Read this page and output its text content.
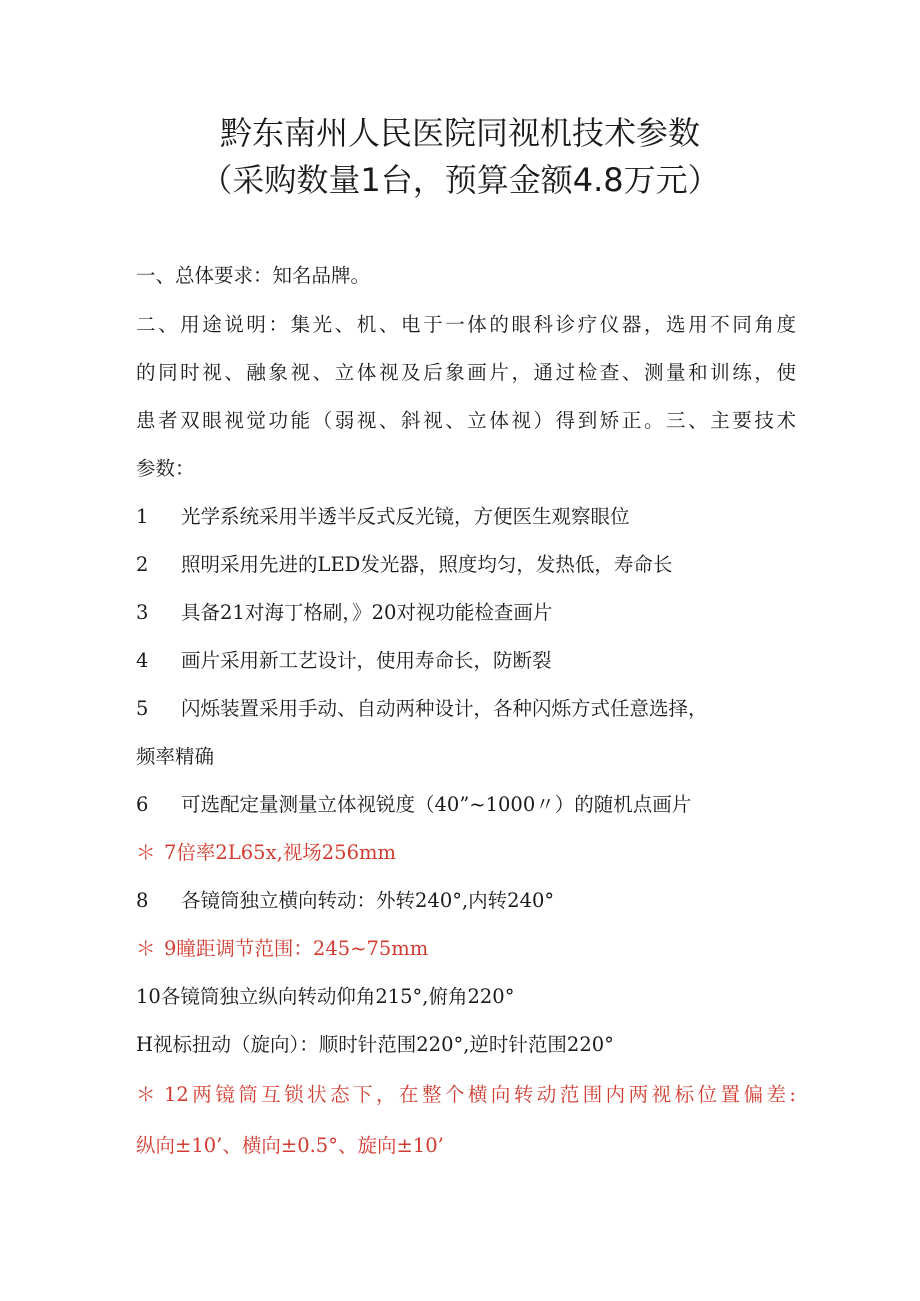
黔东南州人民医院同视机技术参数
（采购数量1台，预算金额4.8万元）

一、总体要求：知名品牌。

二、用途说明：集光、机、电于一体的眼科诊疗仪器，选用不同角度

的同时视、融象视、立体视及后象画片，通过检查、测量和训练，使

患者双眼视觉功能（弱视、斜视、立体视）得到矫正。三、主要技术

参数：

1 光学系统采用半透半反式反光镜，方便医生观察眼位

2 照明采用先进的LED发光器，照度均匀，发热低，寿命长

3 具备21对海丁格刷，》20对视功能检查画片

4 画片采用新工艺设计，使用寿命长，防断裂

5 闪烁装置采用手动、自动两种设计，各种闪烁方式任意选择，

频率精确

6 可选配定量测量立体视锐度（40”~1000〃）的随机点画片

＊ 7倍率2L65x,视场256mm

8 各镜筒独立横向转动：外转240°,内转240°

＊ 9瞳距调节范围：245~75mm

10各镜筒独立纵向转动仰角215°,俯角220°

H视标扭动（旋向）：顺时针范围220°,逆时针范围220°

＊ 12两镜筒互锁状态下，在整个横向转动范围内两视标位置偏差:

纵向±10’、横向±0.5°、旋向±10’
